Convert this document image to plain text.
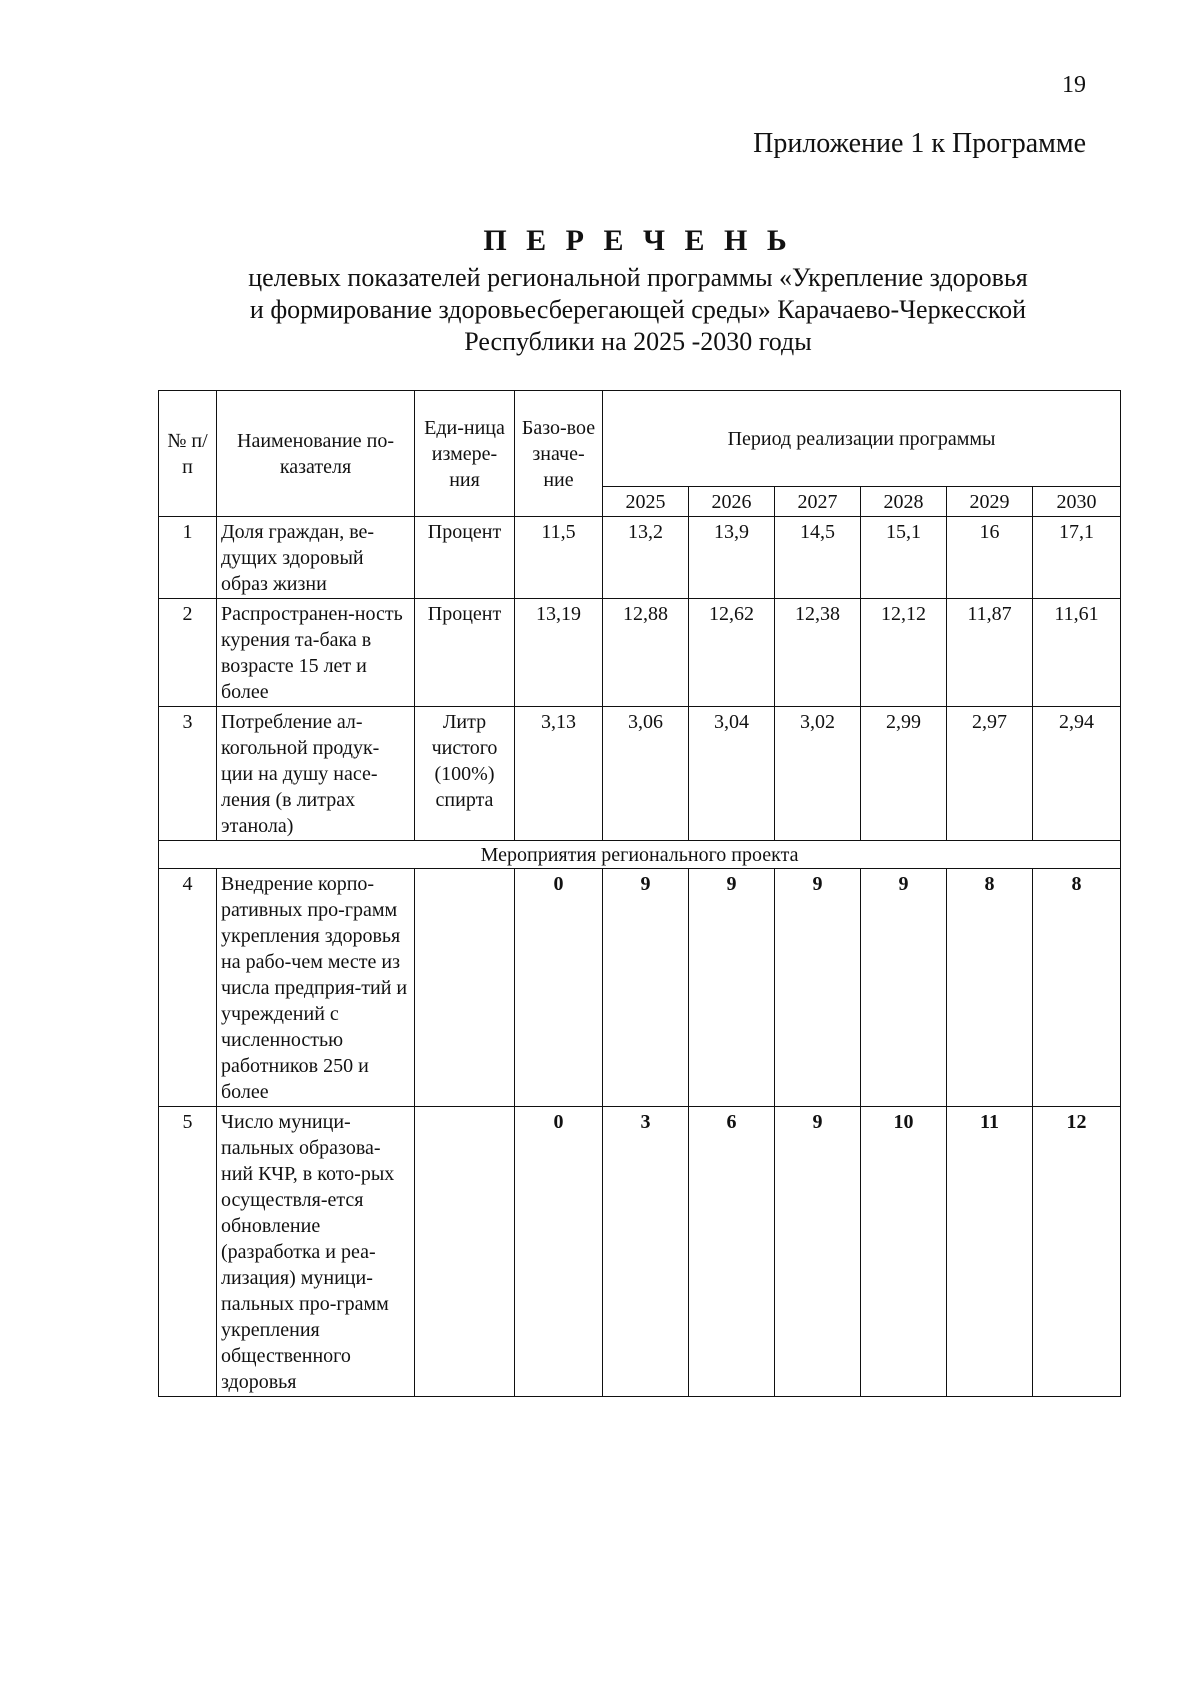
19
Приложение 1 к Программе

П Е Р Е Ч Е Н Ь

целевых показателей региональной программы «Укрепление здоровья
и формирование здоровьесберегающей среды» Карачаево-Черкесской
Республики на 2025 -2030 годы

№ п/п	Наименование по-казателя	Еди-ница измере-ния	Базо-вое значе-ние	Период реализации программы					
				2025	2026	2027	2028	2029	2030
1	Доля граждан, ве-дущих здоровый образ жизни	Процент	11,5	13,2	13,9	14,5	15,1	16	17,1
2	Распространен-ность курения та-бака в возрасте 15 лет и более	Процент	13,19	12,88	12,62	12,38	12,12	11,87	11,61
3	Потребление ал-когольной продук-ции на душу насе-ления (в литрах этанола)	Литр чистого (100%) спирта	3,13	3,06	3,04	3,02	2,99	2,97	2,94
Мероприятия регионального проекта									
4	Внедрение корпо-ративных про-грамм укрепления здоровья на рабо-чем месте из числа предприя-тий и учреждений с численностью работников 250 и более		0	9	9	9	9	8	8
5	Число муници-пальных образова-ний КЧР, в кото-рых осуществля-ется обновление (разработка и реа-лизация) муници-пальных про-грамм укрепления общественного здоровья		0	3	6	9	10	11	12
